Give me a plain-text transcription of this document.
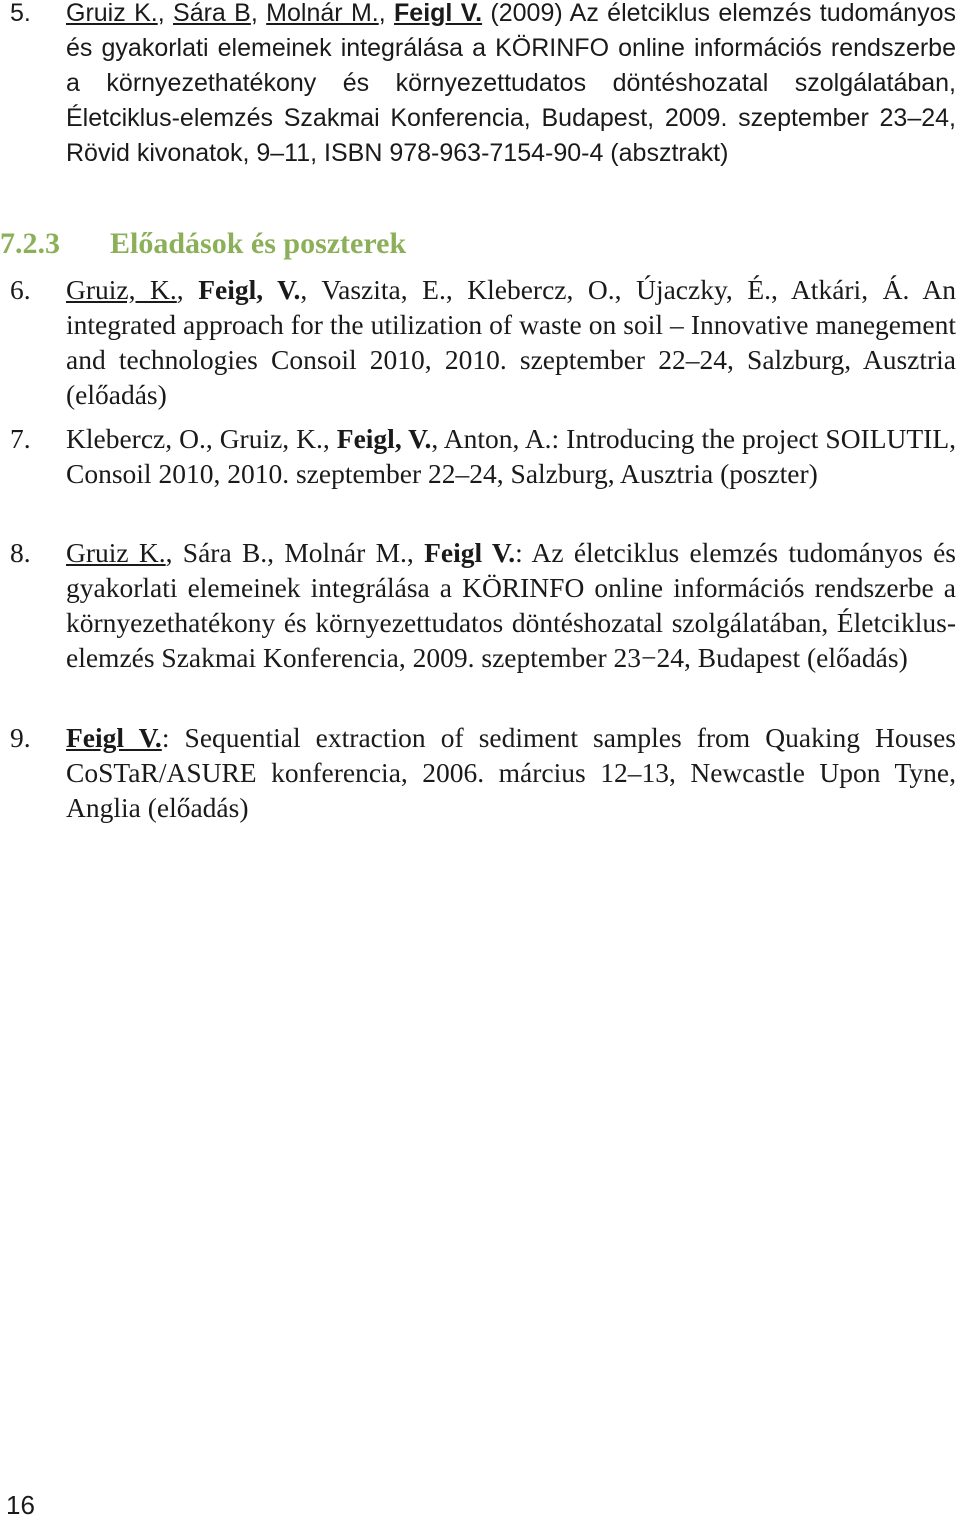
5. Gruiz K., Sára B, Molnár M., Feigl V. (2009) Az életciklus elemzés tudományos és gyakorlati elemeinek integrálása a KÖRINFO online információs rendszerbe a környezethatékony és környezettudatos döntéshozatal szolgálatában, Életciklus-elemzés Szakmai Konferencia, Budapest, 2009. szeptember 23–24, Rövid kivonatok, 9–11, ISBN 978-963-7154-90-4 (absztrakt)
7.2.3 Előadások és poszterek
6. Gruiz, K., Feigl, V., Vaszita, E., Klebercz, O., Újaczky, É., Atkári, Á. An integrated approach for the utilization of waste on soil – Innovative manegement and technologies Consoil 2010, 2010. szeptember 22–24, Salzburg, Ausztria (előadás)
7. Klebercz, O., Gruiz, K., Feigl, V., Anton, A.: Introducing the project SOILUTIL, Consoil 2010, 2010. szeptember 22–24, Salzburg, Ausztria (poszter)
8. Gruiz K., Sára B., Molnár M., Feigl V.: Az életciklus elemzés tudományos és gyakorlati elemeinek integrálása a KÖRINFO online információs rendszerbe a környezethatékony és környezettudatos döntéshozatal szolgálatában, Életciklus-elemzés Szakmai Konferencia, 2009. szeptember 23−24, Budapest (előadás)
9. Feigl V.: Sequential extraction of sediment samples from Quaking Houses CoSTaR/ASURE konferencia, 2006. március 12–13, Newcastle Upon Tyne, Anglia (előadás)
16
